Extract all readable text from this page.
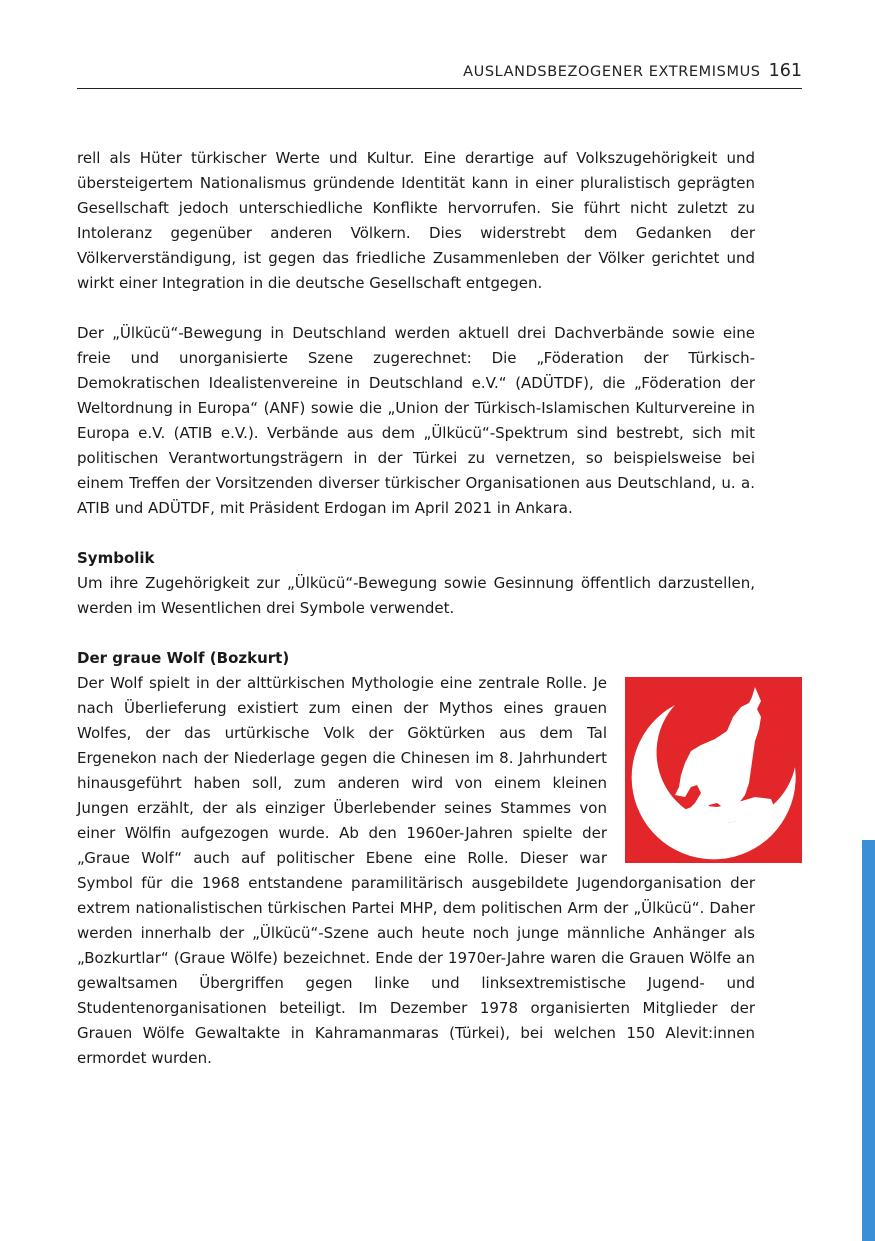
AUSLANDSBEZOGENER EXTREMISMUS 161

rell als Hüter türkischer Werte und Kultur. Eine derartige auf Volkszugehörigkeit und übersteigertem Nationalismus gründende Identität kann in einer pluralistisch geprägten Gesellschaft jedoch unterschiedliche Konflikte hervorrufen. Sie führt nicht zuletzt zu Intoleranz gegenüber anderen Völkern. Dies widerstrebt dem Gedanken der Völkerverständigung, ist gegen das friedliche Zusammenleben der Völker gerichtet und wirkt einer Integration in die deutsche Gesellschaft entgegen.

Der „Ülkücü“-Bewegung in Deutschland werden aktuell drei Dachverbände sowie eine freie und unorganisierte Szene zugerechnet: Die „Föderation der Türkisch-Demokratischen Idealistenvereine in Deutschland e.V.“ (ADÜTDF), die „Föderation der Weltordnung in Europa“ (ANF) sowie die „Union der Türkisch-Islamischen Kulturvereine in Europa e.V. (ATIB e.V.). Verbände aus dem „Ülkücü“-Spektrum sind bestrebt, sich mit politischen Verantwortungsträgern in der Türkei zu vernetzen, so beispielsweise bei einem Treffen der Vorsitzenden diverser türkischer Organisationen aus Deutschland, u. a. ATIB und ADÜTDF, mit Präsident Erdogan im April 2021 in Ankara.

Symbolik

Um ihre Zugehörigkeit zur „Ülkücü“-Bewegung sowie Gesinnung öffentlich darzustellen, werden im Wesentlichen drei Symbole verwendet.

Der graue Wolf (Bozkurt)

Der Wolf spielt in der alttürkischen Mythologie eine zentrale Rolle. Je nach Überlieferung existiert zum einen der Mythos eines grauen Wolfes, der das urtürkische Volk der Göktürken aus dem Tal Ergenekon nach der Niederlage gegen die Chinesen im 8. Jahrhundert hinausgeführt haben soll, zum anderen wird von einem kleinen Jungen erzählt, der als einziger Überlebender seines Stammes von einer Wölfin aufgezogen wurde. Ab den 1960er-Jahren spielte der „Graue Wolf“ auch auf politischer Ebene eine Rolle. Dieser war Symbol für die 1968 entstandene paramilitärisch ausgebildete Jugendorganisation der extrem nationalistischen türkischen Partei MHP, dem politischen Arm der „Ülkücü“. Daher werden innerhalb der „Ülkücü“-Szene auch heute noch junge männliche Anhänger als „Bozkurtlar“ (Graue Wölfe) bezeichnet. Ende der 1970er-Jahre waren die Grauen Wölfe an gewaltsamen Übergriffen gegen linke und linksextremistische Jugend- und Studentenorganisationen beteiligt. Im Dezember 1978 organisierten Mitglieder der Grauen Wölfe Gewaltakte in Kahramanmaras (Türkei), bei welchen 150 Alevit:innen ermordet wurden.
